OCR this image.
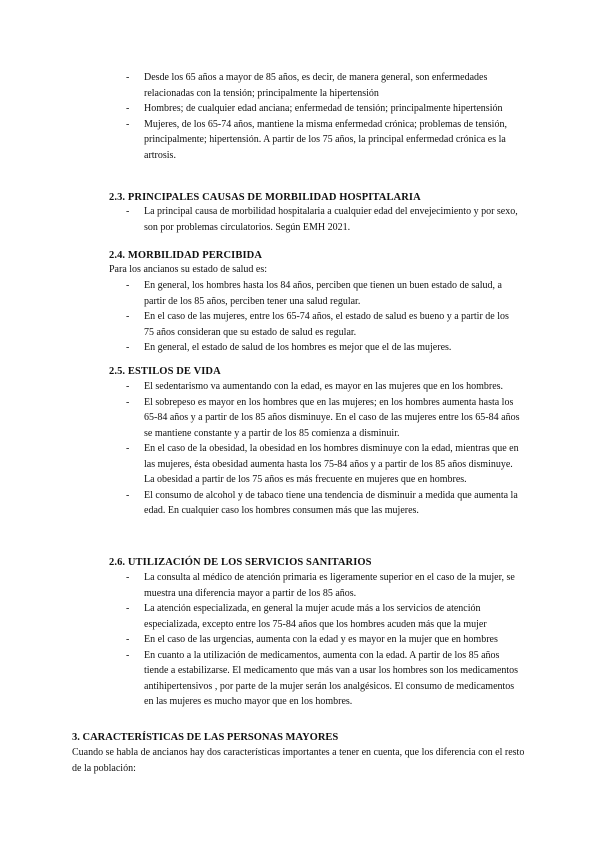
- Desde los 65 años a mayor de 85 años, es decir, de manera general, son enfermedades relacionadas con la tensión; principalmente la hipertensión
- Hombres; de cualquier edad anciana; enfermedad de tensión; principalmente hipertensión
- Mujeres, de los 65-74 años, mantiene la misma enfermedad crónica; problemas de tensión, principalmente; hipertensión. A partir de los 75 años, la principal enfermedad crónica es la artrosis.
2.3. PRINCIPALES CAUSAS DE MORBILIDAD HOSPITALARIA
- La principal causa de morbilidad hospitalaria a cualquier edad del envejecimiento y por sexo, son por problemas circulatorios. Según EMH 2021.
2.4. MORBILIDAD PERCIBIDA

Para los ancianos su estado de salud es:

- En general, los hombres hasta los 84 años, perciben que tienen un buen estado de salud, a partir de los 85 años, perciben tener una salud regular.
- En el caso de las mujeres, entre los 65-74 años, el estado de salud es bueno y a partir de los 75 años consideran que su estado de salud es regular.
- En general, el estado de salud de los hombres es mejor que el de las mujeres.
2.5. ESTILOS DE VIDA
- El sedentarismo va aumentando con la edad, es mayor en las mujeres que en los hombres.
- El sobrepeso es mayor en los hombres que en las mujeres; en los hombres aumenta hasta los 65-84 años y a partir de los 85 años disminuye. En el caso de las mujeres entre los 65-84 años se mantiene constante y a partir de los 85 comienza a disminuir.
- En el caso de la obesidad, la obesidad en los hombres disminuye con la edad, mientras que en las mujeres, ésta obesidad aumenta hasta los 75-84 años y a partir de los 85 años disminuye. La obesidad a partir de los 75 años es más frecuente en mujeres que en hombres.
- El consumo de alcohol y de tabaco tiene una tendencia de disminuir a medida que aumenta la edad. En cualquier caso los hombres consumen más que las mujeres.
2.6. UTILIZACIÓN DE LOS SERVICIOS SANITARIOS
- La consulta al médico de atención primaria es ligeramente superior en el caso de la mujer, se muestra una diferencia mayor a partir de los 85 años.
- La atención especializada, en general la mujer acude más a los servicios de atención especializada, excepto entre los 75-84 años que los hombres acuden más que la mujer
- En el caso de las urgencias, aumenta con la edad y es mayor en la mujer que en hombres
- En cuanto a la utilización de medicamentos, aumenta con la edad. A partir de los 85 años tiende a estabilizarse. El medicamento que más van a usar los hombres son los medicamentos antihipertensivos , por parte de la mujer serán los analgésicos. El consumo de medicamentos en las mujeres es mucho mayor que en los hombres.
3. CARACTERÍSTICAS DE LAS PERSONAS MAYORES

Cuando se habla de ancianos hay dos características importantes a tener en cuenta, que los diferencia con el resto de la población:
